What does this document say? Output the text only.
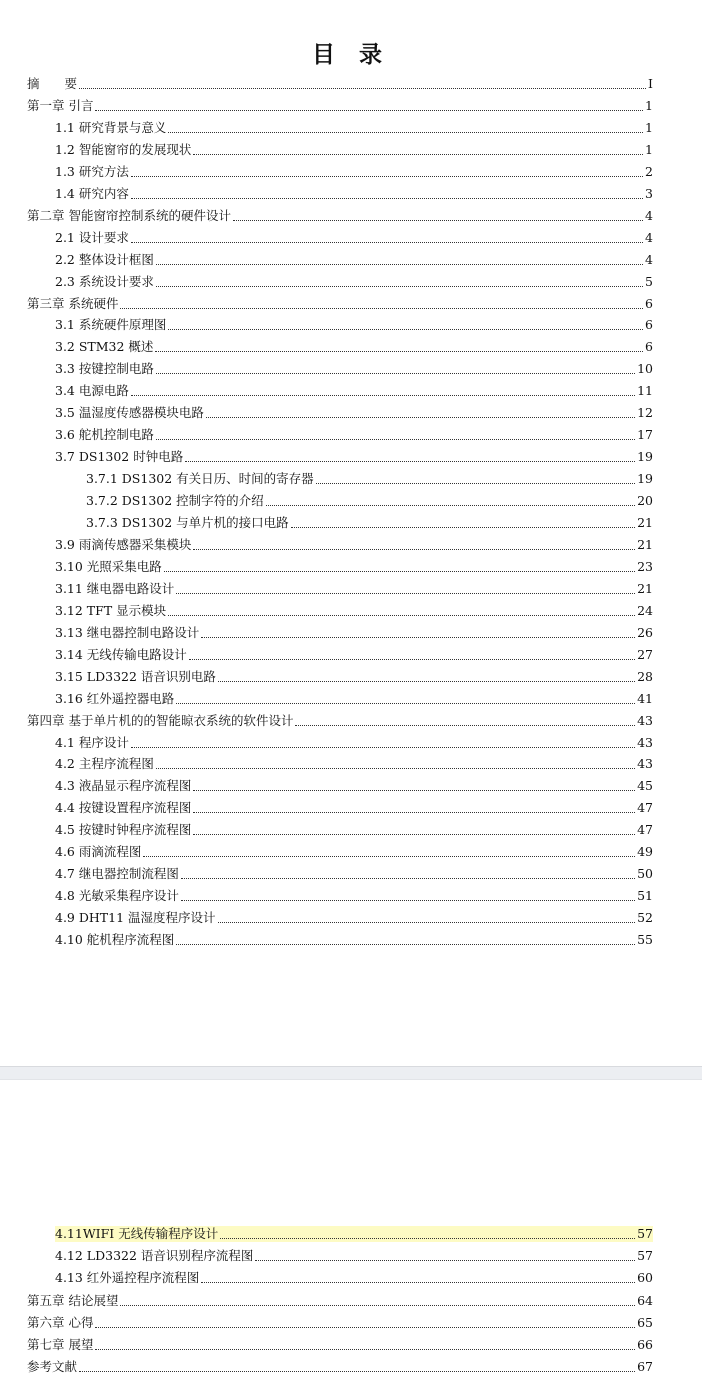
目 录
摘　　要	I
第一章 引言	1
1.1 研究背景与意义	1
1.2 智能窗帘的发展现状	1
1.3 研究方法	2
1.4 研究内容	3
第二章 智能窗帘控制系统的硬件设计	4
2.1 设计要求	4
2.2 整体设计框图	4
2.3 系统设计要求	5
第三章 系统硬件	6
3.1 系统硬件原理图	6
3.2 STM32 概述	6
3.3 按键控制电路	10
3.4 电源电路	11
3.5 温湿度传感器模块电路	12
3.6 舵机控制电路	17
3.7 DS1302 时钟电路	19
3.7.1 DS1302 有关日历、时间的寄存器	19
3.7.2 DS1302 控制字符的介绍	20
3.7.3 DS1302 与单片机的接口电路	21
3.9 雨滴传感器采集模块	21
3.10 光照采集电路	23
3.11 继电器电路设计	21
3.12 TFT 显示模块	24
3.13 继电器控制电路设计	26
3.14 无线传输电路设计	27
3.15 LD3322 语音识别电路	28
3.16 红外遥控器电路	41
第四章 基于单片机的的智能晾衣系统的软件设计	43
4.1 程序设计	43
4.2 主程序流程图	43
4.3 液晶显示程序流程图	45
4.4 按键设置程序流程图	47
4.5 按键时钟程序流程图	47
4.6 雨滴流程图	49
4.7 继电器控制流程图	50
4.8 光敏采集程序设计	51
4.9 DHT11 温湿度程序设计	52
4.10 舵机程序流程图	55
4.11WIFI 无线传输程序设计	57
4.12 LD3322 语音识别程序流程图	57
4.13 红外遥控程序流程图	60
第五章 结论展望	64
第六章 心得	65
第七章 展望	66
参考文献	67
